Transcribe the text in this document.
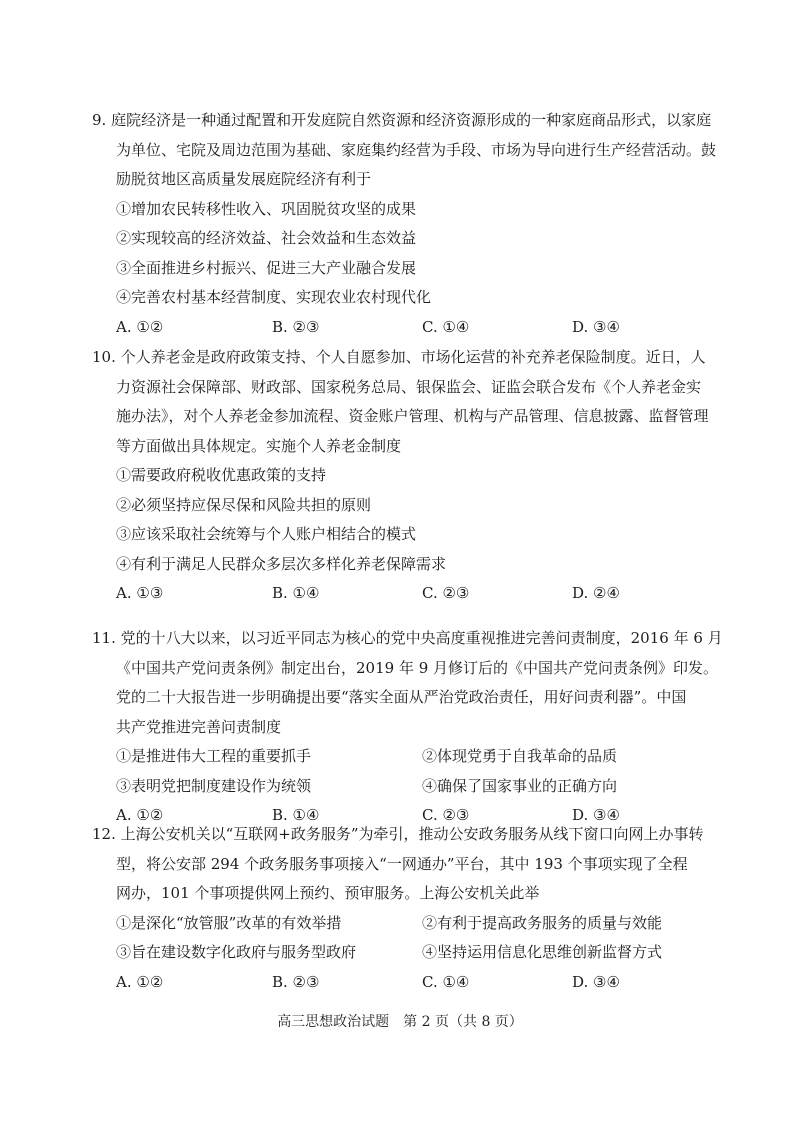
9. 庭院经济是一种通过配置和开发庭院自然资源和经济资源形成的一种家庭商品形式，以家庭
为单位、宅院及周边范围为基础、家庭集约经营为手段、市场为导向进行生产经营活动。鼓
励脱贫地区高质量发展庭院经济有利于
①增加农民转移性收入、巩固脱贫攻坚的成果
②实现较高的经济效益、社会效益和生态效益
③全面推进乡村振兴、促进三大产业融合发展
④完善农村基本经营制度、实现农业农村现代化
A. ①②	B. ②③	C. ①④	D. ③④
10. 个人养老金是政府政策支持、个人自愿参加、市场化运营的补充养老保险制度。近日，人
力资源社会保障部、财政部、国家税务总局、银保监会、证监会联合发布《个人养老金实
施办法》，对个人养老金参加流程、资金账户管理、机构与产品管理、信息披露、监督管理
等方面做出具体规定。实施个人养老金制度
①需要政府税收优惠政策的支持
②必须坚持应保尽保和风险共担的原则
③应该采取社会统筹与个人账户相结合的模式
④有利于满足人民群众多层次多样化养老保障需求
A. ①③	B. ①④	C. ②③	D. ②④
11. 党的十八大以来，以习近平同志为核心的党中央高度重视推进完善问责制度，2016 年 6 月
《中国共产党问责条例》制定出台，2019 年 9 月修订后的《中国共产党问责条例》印发。
党的二十大报告进一步明确提出要“落实全面从严治党政治责任，用好问责利器”。中国
共产党推进完善问责制度
①是推进伟大工程的重要抓手	②体现党勇于自我革命的品质
③表明党把制度建设作为统领	④确保了国家事业的正确方向
A. ①②	B. ①④	C. ②③	D. ③④
12. 上海公安机关以“互联网+政务服务”为牵引，推动公安政务服务从线下窗口向网上办事转
型，将公安部 294 个政务服务事项接入“一网通办”平台，其中 193 个事项实现了全程
网办，101 个事项提供网上预约、预审服务。上海公安机关此举
①是深化“放管服”改革的有效举措	②有利于提高政务服务的质量与效能
③旨在建设数字化政府与服务型政府	④坚持运用信息化思维创新监督方式
A. ①②	B. ②③	C. ①④	D. ③④
高三思想政治试题　第 2 页（共 8 页）
